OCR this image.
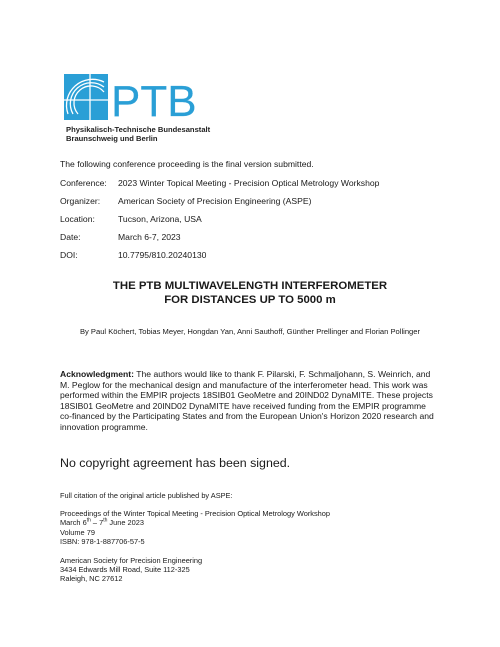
PTB
Physikalisch-Technische Bundesanstalt
Braunschweig und Berlin
The following conference proceeding is the final version submitted.
Conference: 2023 Winter Topical Meeting - Precision Optical Metrology Workshop
Organizer: American Society of Precision Engineering (ASPE)
Location:	Tucson, Arizona, USA
Date:	March 6-7, 2023
DOI:	10.7795/810.20240130
THE PTB MULTIWAVELENGTH INTERFEROMETER
FOR DISTANCES UP TO 5000 m
By Paul Köchert, Tobias Meyer, Hongdan Yan, Anni Sauthoff, Günther Prellinger and Florian Pollinger
Acknowledgment: The authors would like to thank F. Pilarski, F. Schmaljohann, S. Weinrich, and M. Peglow for the mechanical design and manufacture of the interferometer head. This work was performed within the EMPIR projects 18SIB01 GeoMetre and 20IND02 DynaMITE. These projects 18SIB01 GeoMetre and 20IND02 DynaMITE have received funding from the EMPIR programme co-financed by the Participating States and from the European Union's Horizon 2020 research and innovation programme.
No copyright agreement has been signed.
Full citation of the original article published by ASPE:
Proceedings of the Winter Topical Meeting - Precision Optical Metrology Workshop
March 6th – 7th June 2023
Volume 79
ISBN: 978-1-887706-57-5
American Society for Precision Engineering
3434 Edwards Mill Road, Suite 112-325
Raleigh, NC 27612
